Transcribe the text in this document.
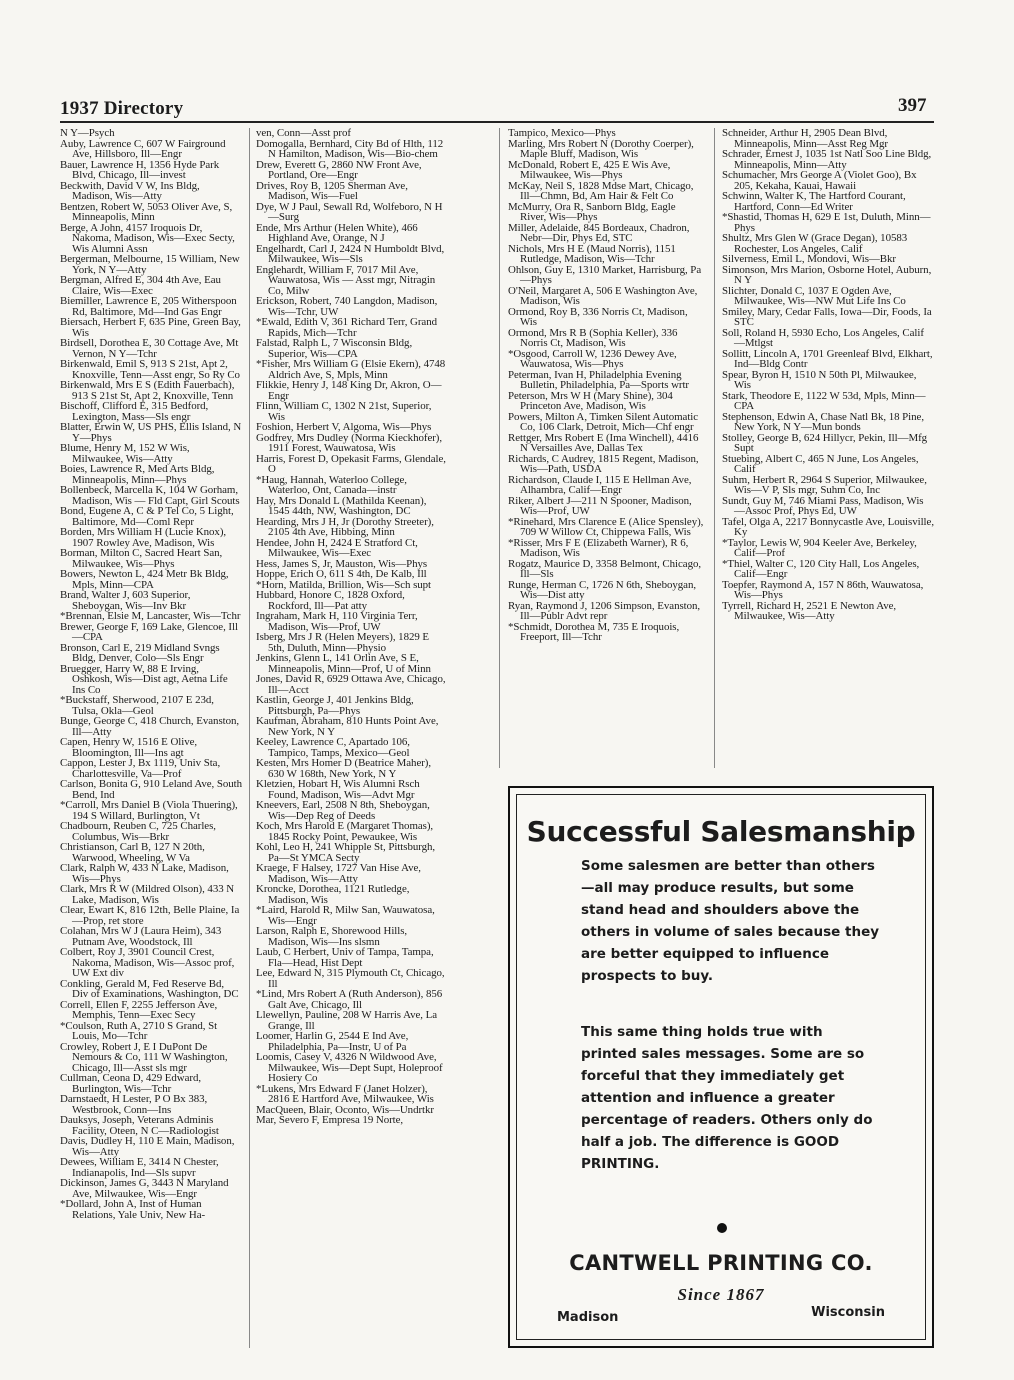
1937 Directory	397

N Y—Psych

Auby, Lawrence C, 607 W Fairground Ave, Hillsboro, Ill—Engr

Bauer, Lawrence H, 1356 Hyde Park Blvd, Chicago, Ill—invest

Beckwith, David V W, Ins Bldg, Madison, Wis—Atty

Bentzen, Robert W, 5053 Oliver Ave, S, Minneapolis, Minn

Berge, A John, 4157 Iroquois Dr, Nakoma, Madison, Wis—Exec Secty, Wis Alumni Assn

Bergerman, Melbourne, 15 William, New York, N Y—Atty

Bergman, Alfred E, 304 4th Ave, Eau Claire, Wis—Exec

Biemiller, Lawrence E, 205 Witherspoon Rd, Baltimore, Md—Ind Gas Engr

Biersach, Herbert F, 635 Pine, Green Bay, Wis

Birdsell, Dorothea E, 30 Cottage Ave, Mt Vernon, N Y—Tchr

Birkenwald, Emil S, 913 S 21st, Apt 2, Knoxville, Tenn—Asst engr, So Ry Co

Birkenwald, Mrs E S (Edith Fauerbach), 913 S 21st St, Apt 2, Knoxville, Tenn

Bischoff, Clifford E, 315 Bedford, Lexington, Mass—Sls engr

Blatter, Erwin W, US PHS, Ellis Island, N Y—Phys

Blume, Henry M, 152 W Wis, Milwaukee, Wis—Atty

Boies, Lawrence R, Med Arts Bldg, Minneapolis, Minn—Phys

Bollenbeck, Marcella K, 104 W Gorham, Madison, Wis — Fld Capt, Girl Scouts

Bond, Eugene A, C & P Tel Co, 5 Light, Baltimore, Md—Coml Repr

Borden, Mrs William H (Lucie Knox), 1907 Rowley Ave, Madison, Wis

Borman, Milton C, Sacred Heart San, Milwaukee, Wis—Phys

Bowers, Newton L, 424 Metr Bk Bldg, Mpls, Minn—CPA

Brand, Walter J, 603 Superior, Sheboygan, Wis—Inv Bkr

*Brennan, Elsie M, Lancaster, Wis—Tchr

Brewer, George F, 169 Lake, Glencoe, Ill—CPA

Bronson, Carl E, 219 Midland Svngs Bldg, Denver, Colo—Sls Engr

Bruegger, Harry W, 88 E Irving, Oshkosh, Wis—Dist agt, Aetna Life Ins Co

*Buckstaff, Sherwood, 2107 E 23d, Tulsa, Okla—Geol

Bunge, George C, 418 Church, Evanston, Ill—Atty

Capen, Henry W, 1516 E Olive, Bloomington, Ill—Ins agt

Cappon, Lester J, Bx 1119, Univ Sta, Charlottesville, Va—Prof

Carlson, Bonita G, 910 Leland Ave, South Bend, Ind

*Carroll, Mrs Daniel B (Viola Thuering), 194 S Willard, Burlington, Vt

Chadbourn, Reuben C, 725 Charles, Columbus, Wis—Brkr

Christianson, Carl B, 127 N 20th, Warwood, Wheeling, W Va

Clark, Ralph W, 433 N Lake, Madison, Wis—Phys

Clark, Mrs R W (Mildred Olson), 433 N Lake, Madison, Wis

Clear, Ewart K, 816 12th, Belle Plaine, Ia—Prop, ret store

Colahan, Mrs W J (Laura Heim), 343 Putnam Ave, Woodstock, Ill

Colbert, Roy J, 3901 Council Crest, Nakoma, Madison, Wis—Assoc prof, UW Ext div

Conkling, Gerald M, Fed Reserve Bd, Div of Examinations, Washington, DC

Correll, Ellen F, 2255 Jefferson Ave, Memphis, Tenn—Exec Secy

*Coulson, Ruth A, 2710 S Grand, St Louis, Mo—Tchr

Crowley, Robert J, E I DuPont De Nemours & Co, 111 W Washington, Chicago, Ill—Asst sls mgr

Cullman, Ceona D, 429 Edward, Burlington, Wis—Tchr

Darnstaedt, H Lester, P O Bx 383, Westbrook, Conn—Ins

Dauksys, Joseph, Veterans Adminis Facility, Oteen, N C—Radiologist

Davis, Dudley H, 110 E Main, Madison, Wis—Atty

Dewees, William E, 3414 N Chester, Indianapolis, Ind—Sls supvr

Dickinson, James G, 3443 N Maryland Ave, Milwaukee, Wis—Engr

*Dollard, John A, Inst of Human Relations, Yale Univ, New Ha-

ven, Conn—Asst prof

Domogalla, Bernhard, City Bd of Hlth, 112 N Hamilton, Madison, Wis—Bio-chem

Drew, Everett G, 2860 NW Front Ave, Portland, Ore—Engr

Drives, Roy B, 1205 Sherman Ave, Madison, Wis—Fuel

Dye, W J Paul, Sewall Rd, Wolfeboro, N H—Surg

Ende, Mrs Arthur (Helen White), 466 Highland Ave, Orange, N J

Engelhardt, Carl J, 2424 N Humboldt Blvd, Milwaukee, Wis—Sls

Englehardt, William F, 7017 Mil Ave, Wauwatosa, Wis — Asst mgr, Nitragin Co, Milw

Erickson, Robert, 740 Langdon, Madison, Wis—Tchr, UW

*Ewald, Edith V, 361 Richard Terr, Grand Rapids, Mich—Tchr

Falstad, Ralph L, 7 Wisconsin Bldg, Superior, Wis—CPA

*Fisher, Mrs William G (Elsie Ekern), 4748 Aldrich Ave, S, Mpls, Minn

Flikkie, Henry J, 148 King Dr, Akron, O—Engr

Flinn, William C, 1302 N 21st, Superior, Wis

Foshion, Herbert V, Algoma, Wis—Phys

Godfrey, Mrs Dudley (Norma Kieckhofer), 1911 Forest, Wauwatosa, Wis

Harris, Forest D, Opekasit Farms, Glendale, O

*Haug, Hannah, Waterloo College, Waterloo, Ont, Canada—instr

Hay, Mrs Donald L (Mathilda Keenan), 1545 44th, NW, Washington, DC

Hearding, Mrs J H, Jr (Dorothy Streeter), 2105 4th Ave, Hibbing, Minn

Hendee, John H, 2424 E Stratford Ct, Milwaukee, Wis—Exec

Hess, James S, Jr, Mauston, Wis—Phys

Hoppe, Erich O, 611 S 4th, De Kalb, Ill

*Horn, Matilda, Brillion, Wis—Sch supt

Hubbard, Honore C, 1828 Oxford, Rockford, Ill—Pat atty

Ingraham, Mark H, 110 Virginia Terr, Madison, Wis—Prof, UW

Isberg, Mrs J R (Helen Meyers), 1829 E 5th, Duluth, Minn—Physio

Jenkins, Glenn L, 141 Orlin Ave, S E, Minneapolis, Minn—Prof, U of Minn

Jones, David R, 6929 Ottawa Ave, Chicago, Ill—Acct

Kastlin, George J, 401 Jenkins Bldg, Pittsburgh, Pa—Phys

Kaufman, Abraham, 810 Hunts Point Ave, New York, N Y

Keeley, Lawrence C, Apartado 106, Tampico, Tamps, Mexico—Geol

Kesten, Mrs Homer D (Beatrice Maher), 630 W 168th, New York, N Y

Kletzien, Hobart H, Wis Alumni Rsch Found, Madison, Wis—Advt Mgr

Kneevers, Earl, 2508 N 8th, Sheboygan, Wis—Dep Reg of Deeds

Koch, Mrs Harold E (Margaret Thomas), 1845 Rocky Point, Pewaukee, Wis

Kohl, Leo H, 241 Whipple St, Pittsburgh, Pa—St YMCA Secty

Kraege, F Halsey, 1727 Van Hise Ave, Madison, Wis—Atty

Kroncke, Dorothea, 1121 Rutledge, Madison, Wis

*Laird, Harold R, Milw San, Wauwatosa, Wis—Engr

Larson, Ralph E, Shorewood Hills, Madison, Wis—Ins slsmn

Laub, C Herbert, Univ of Tampa, Tampa, Fla—Head, Hist Dept

Lee, Edward N, 315 Plymouth Ct, Chicago, Ill

*Lind, Mrs Robert A (Ruth Anderson), 856 Galt Ave, Chicago, Ill

Llewellyn, Pauline, 208 W Harris Ave, La Grange, Ill

Loomer, Harlin G, 2544 E Ind Ave, Philadelphia, Pa—Instr, U of Pa

Loomis, Casey V, 4326 N Wildwood Ave, Milwaukee, Wis—Dept Supt, Holeproof Hosiery Co

*Lukens, Mrs Edward F (Janet Holzer), 2816 E Hartford Ave, Milwaukee, Wis

MacQueen, Blair, Oconto, Wis—Undrtkr

Mar, Severo F, Empresa 19 Norte,

Tampico, Mexico—Phys

Marling, Mrs Robert N (Dorothy Coerper), Maple Bluff, Madison, Wis

McDonald, Robert E, 425 E Wis Ave, Milwaukee, Wis—Phys

McKay, Neil S, 1828 Mdse Mart, Chicago, Ill—Chmn, Bd, Am Hair & Felt Co

McMurry, Ora R, Sanborn Bldg, Eagle River, Wis—Phys

Miller, Adelaide, 845 Bordeaux, Chadron, Nebr—Dir, Phys Ed, STC

Nichols, Mrs H E (Maud Norris), 1151 Rutledge, Madison, Wis—Tchr

Ohlson, Guy E, 1310 Market, Harrisburg, Pa—Phys

O'Neil, Margaret A, 506 E Washington Ave, Madison, Wis

Ormond, Roy B, 336 Norris Ct, Madison, Wis

Ormond, Mrs R B (Sophia Keller), 336 Norris Ct, Madison, Wis

*Osgood, Carroll W, 1236 Dewey Ave, Wauwatosa, Wis—Phys

Peterman, Ivan H, Philadelphia Evening Bulletin, Philadelphia, Pa—Sports wrtr

Peterson, Mrs W H (Mary Shine), 304 Princeton Ave, Madison, Wis

Powers, Milton A, Timken Silent Automatic Co, 106 Clark, Detroit, Mich—Chf engr

Rettger, Mrs Robert E (Ima Winchell), 4416 N Versailles Ave, Dallas Tex

Richards, C Audrey, 1815 Regent, Madison, Wis—Path, USDA

Richardson, Claude I, 115 E Hellman Ave, Alhambra, Calif—Engr

Riker, Albert J—211 N Spooner, Madison, Wis—Prof, UW

*Rinehard, Mrs Clarence E (Alice Spensley), 709 W Willow Ct, Chippewa Falls, Wis

*Risser, Mrs F E (Elizabeth Warner), R 6, Madison, Wis

Rogatz, Maurice D, 3358 Belmont, Chicago, Ill—Sls

Runge, Herman C, 1726 N 6th, Sheboygan, Wis—Dist atty

Ryan, Raymond J, 1206 Simpson, Evanston, Ill—Publr Advt repr

*Schmidt, Dorothea M, 735 E Iroquois, Freeport, Ill—Tchr

Schneider, Arthur H, 2905 Dean Blvd, Minneapolis, Minn—Asst Reg Mgr

Schrader, Ernest J, 1035 1st Natl Soo Line Bldg, Minneapolis, Minn—Atty

Schumacher, Mrs George A (Violet Goo), Bx 205, Kekaha, Kauai, Hawaii

Schwinn, Walter K, The Hartford Courant, Hartford, Conn—Ed Writer

*Shastid, Thomas H, 629 E 1st, Duluth, Minn—Phys

Shultz, Mrs Glen W (Grace Degan), 10583 Rochester, Los Angeles, Calif

Silverness, Emil L, Mondovi, Wis—Bkr

Simonson, Mrs Marion, Osborne Hotel, Auburn, N Y

Slichter, Donald C, 1037 E Ogden Ave, Milwaukee, Wis—NW Mut Life Ins Co

Smiley, Mary, Cedar Falls, Iowa—Dir, Foods, Ia STC

Soll, Roland H, 5930 Echo, Los Angeles, Calif—Mtlgst

Sollitt, Lincoln A, 1701 Greenleaf Blvd, Elkhart, Ind—Bldg Contr

Spear, Byron H, 1510 N 50th Pl, Milwaukee, Wis

Stark, Theodore E, 1122 W 53d, Mpls, Minn—CPA

Stephenson, Edwin A, Chase Natl Bk, 18 Pine, New York, N Y—Mun bonds

Stolley, George B, 624 Hillycr, Pekin, Ill—Mfg Supt

Stuebing, Albert C, 465 N June, Los Angeles, Calif

Suhm, Herbert R, 2964 S Superior, Milwaukee, Wis—V P, Sls mgr, Suhm Co, Inc

Sundt, Guy M, 746 Miami Pass, Madison, Wis—Assoc Prof, Phys Ed, UW

Tafel, Olga A, 2217 Bonnycastle Ave, Louisville, Ky

*Taylor, Lewis W, 904 Keeler Ave, Berkeley, Calif—Prof

*Thiel, Walter C, 120 City Hall, Los Angeles, Calif—Engr

Toepfer, Raymond A, 157 N 86th, Wauwatosa, Wis—Phys

Tyrrell, Richard H, 2521 E Newton Ave, Milwaukee, Wis—Atty

Successful Salesmanship

Some salesmen are better than others —all may produce results, but some stand head and shoulders above the others in volume of sales because they are better equipped to influence prospects to buy.

This same thing holds true with printed sales messages. Some are so forceful that they immediately get attention and influence a greater percentage of readers. Others only do half a job. The difference is GOOD PRINTING.

CANTWELL PRINTING CO.
Since 1867
Madison	Wisconsin
